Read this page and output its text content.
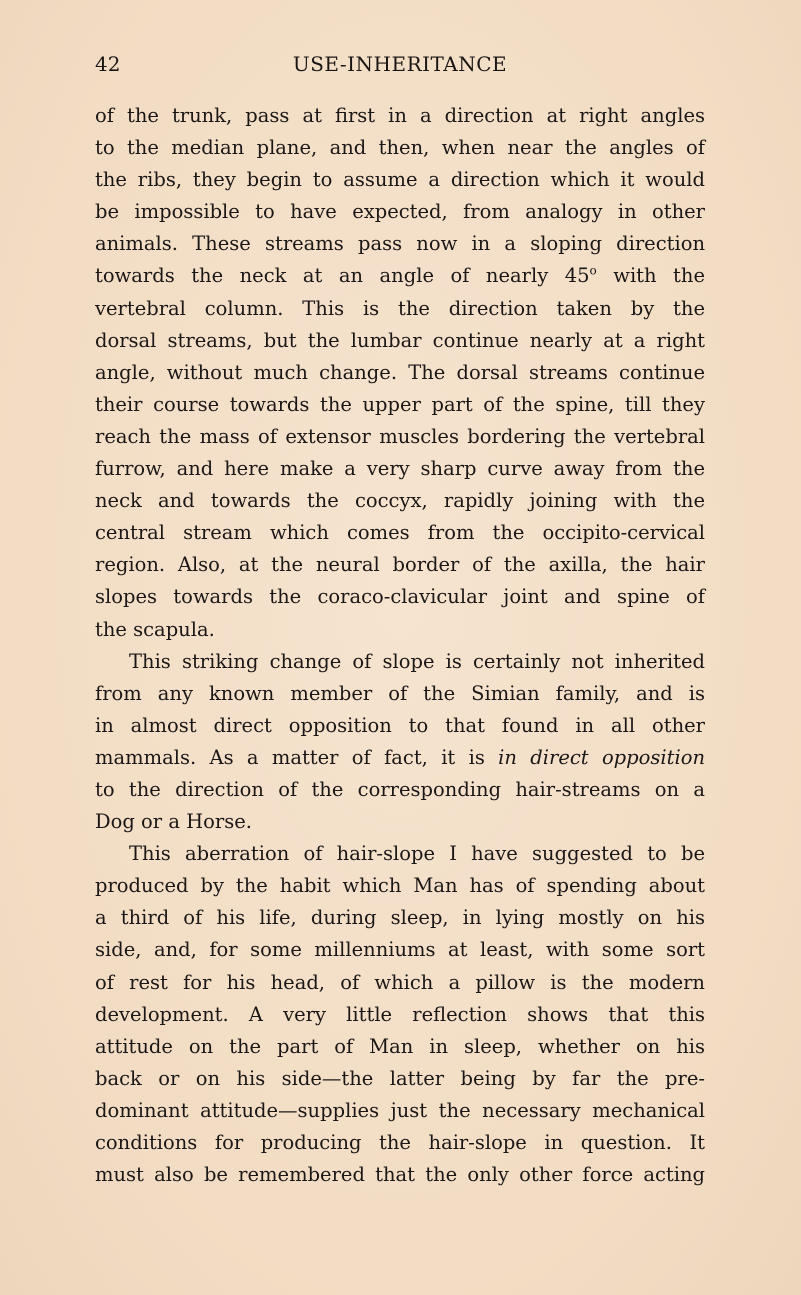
42	USE-INHERITANCE
of the trunk, pass at first in a direction at right angles
to the median plane, and then, when near the angles of
the ribs, they begin to assume a direction which it would
be impossible to have expected, from analogy in other
animals. These streams pass now in a sloping direction
towards the neck at an angle of nearly 45$^o$ with the
vertebral column. This is the direction taken by the
dorsal streams, but the lumbar continue nearly at a right
angle, without much change. The dorsal streams continue
their course towards the upper part of the spine, till they
reach the mass of extensor muscles bordering the vertebral
furrow, and here make a very sharp curve away from the
neck and towards the coccyx, rapidly joining with the
central stream which comes from the occipito-cervical
region. Also, at the neural border of the axilla, the hair
slopes towards the coraco-clavicular joint and spine of
the scapula.
This striking change of slope is certainly not inherited
from any known member of the Simian family, and is
in almost direct opposition to that found in all other
mammals. As a matter of fact, it is in direct opposition
to the direction of the corresponding hair-streams on a
Dog or a Horse.
This aberration of hair-slope I have suggested to be
produced by the habit which Man has of spending about
a third of his life, during sleep, in lying mostly on his
side, and, for some millenniums at least, with some sort
of rest for his head, of which a pillow is the modern
development. A very little reflection shows that this
attitude on the part of Man in sleep, whether on his
back or on his side—the latter being by far the pre-
dominant attitude—supplies just the necessary mechanical
conditions for producing the hair-slope in question. It
must also be remembered that the only other force acting
